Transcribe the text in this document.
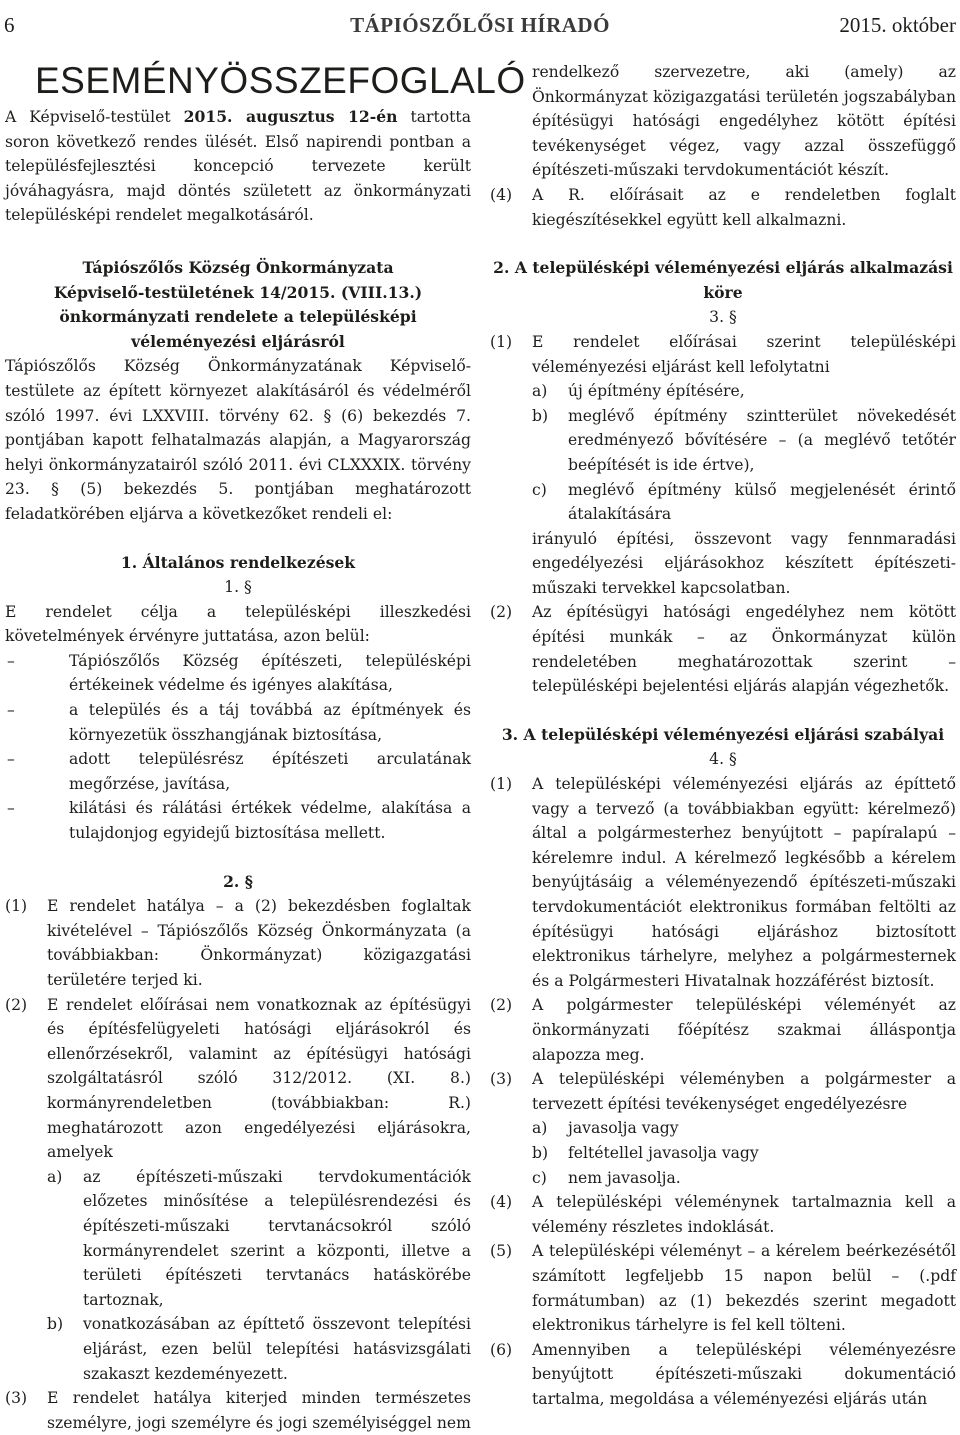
6	TÁPIÓSZŐLŐSI HÍRADÓ	2015. október
ESEMÉNYÖSSZEFOGLALÓ

A Képviselő-testület 2015. augusztus 12-én tartotta soron következő rendes ülését. Első napirendi pontban a településfejlesztési koncepció tervezete került jóváhagyásra, majd döntés született az önkormányzati településképi rendelet megalkotásáról.

Tápiószőlős Község Önkormányzata
Képviselő-testületének 14/2015. (VIII.13.)
önkormányzati rendelete a településképi
véleményezési eljárásról

Tápiószőlős Község Önkormányzatának Képviselő-testülete az épített környezet alakításáról és védelméről szóló 1997. évi LXXVIII. törvény 62. § (6) bekezdés 7. pontjában kapott felhatalmazás alapján, a Magyarország helyi önkormányzatairól szóló 2011. évi CLXXXIX. törvény 23. § (5) bekezdés 5. pontjában meghatározott feladatkörében eljárva a következőket rendeli el:

1. Általános rendelkezések
1. §

E rendelet célja a településképi illeszkedési követelmények érvényre juttatása, azon belül:

–	Tápiószőlős Község építészeti, településképi értékeinek védelme és igényes alakítása,
–	a település és a táj továbbá az építmények és környezetük összhangjának biztosítása,
–	adott településrész építészeti arculatának megőrzése, javítása,
–	kilátási és rálátási értékek védelme, alakítása a tulajdonjog egyidejű biztosítása mellett.
2. §
(1)	E rendelet hatálya – a (2) bekezdésben foglaltak kivételével – Tápiószőlős Község Önkormányzata (a továbbiakban: Önkormányzat) közigazgatási területére terjed ki.
(2)	E rendelet előírásai nem vonatkoznak az építésügyi és építésfelügyeleti hatósági eljárásokról és ellenőrzésekről, valamint az építésügyi hatósági szolgáltatásról szóló 312/2012. (XI. 8.) kormányrendeletben (továbbiakban: R.) meghatározott azon engedélyezési eljárásokra, amelyek
a)	az építészeti-műszaki tervdokumentációk előzetes minősítése a településrendezési és építészeti-műszaki tervtanácsokról szóló kormányrendelet szerint a központi, illetve a területi építészeti tervtanács hatáskörébe tartoznak,
b)	vonatkozásában az építtető összevont telepítési eljárást, ezen belül telepítési hatásvizsgálati szakaszt kezdeményezett.
(3)	E rendelet hatálya kiterjed minden természetes személyre, jogi személyre és jogi személyiséggel nem

rendelkező szervezetre, aki (amely) az Önkormányzat közigazgatási területén jogszabályban építésügyi hatósági engedélyhez kötött építési tevékenységet végez, vagy azzal összefüggő építészeti-műszaki tervdokumentációt készít.

(4)	A R. előírásait az e rendeletben foglalt kiegészítésekkel együtt kell alkalmazni.
2. A településképi véleményezési eljárás alkalmazási köre
3. §
(1)	E rendelet előírásai szerint településképi véleményezési eljárást kell lefolytatni
a)	új építmény építésére,
b)	meglévő építmény szintterület növekedését eredményező bővítésére – (a meglévő tetőtér beépítését is ide értve),
c)	meglévő építmény külső megjelenését érintő átalakítására
irányuló építési, összevont vagy fennmaradási engedélyezési eljárásokhoz készített építészeti-műszaki tervekkel kapcsolatban.
(2)	Az építésügyi hatósági engedélyhez nem kötött építési munkák – az Önkormányzat külön rendeletében meghatározottak szerint – településképi bejelentési eljárás alapján végezhetők.
3. A településképi véleményezési eljárási szabályai
4. §
(1)	A településképi véleményezési eljárás az építtető vagy a tervező (a továbbiakban együtt: kérelmező) által a polgármesterhez benyújtott – papíralapú – kérelemre indul. A kérelmező legkésőbb a kérelem benyújtásáig a véleményezendő építészeti-műszaki tervdokumentációt elektronikus formában feltölti az építésügyi hatósági eljáráshoz biztosított elektronikus tárhelyre, melyhez a polgármesternek és a Polgármesteri Hivatalnak hozzáférést biztosít.
(2)	A polgármester településképi véleményét az önkormányzati főépítész szakmai álláspontja alapozza meg.
(3)	A településképi véleményben a polgármester a tervezett építési tevékenységet engedélyezésre
a)	javasolja vagy
b)	feltétellel javasolja vagy
c)	nem javasolja.
(4)	A településképi véleménynek tartalmaznia kell a vélemény részletes indoklását.
(5)	A településképi véleményt – a kérelem beérkezésétől számított legfeljebb 15 napon belül – (.pdf formátumban) az (1) bekezdés szerint megadott elektronikus tárhelyre is fel kell tölteni.
(6)	Amennyiben a településképi véleményezésre benyújtott építészeti-műszaki dokumentáció tartalma, megoldása a véleményezési eljárás után
